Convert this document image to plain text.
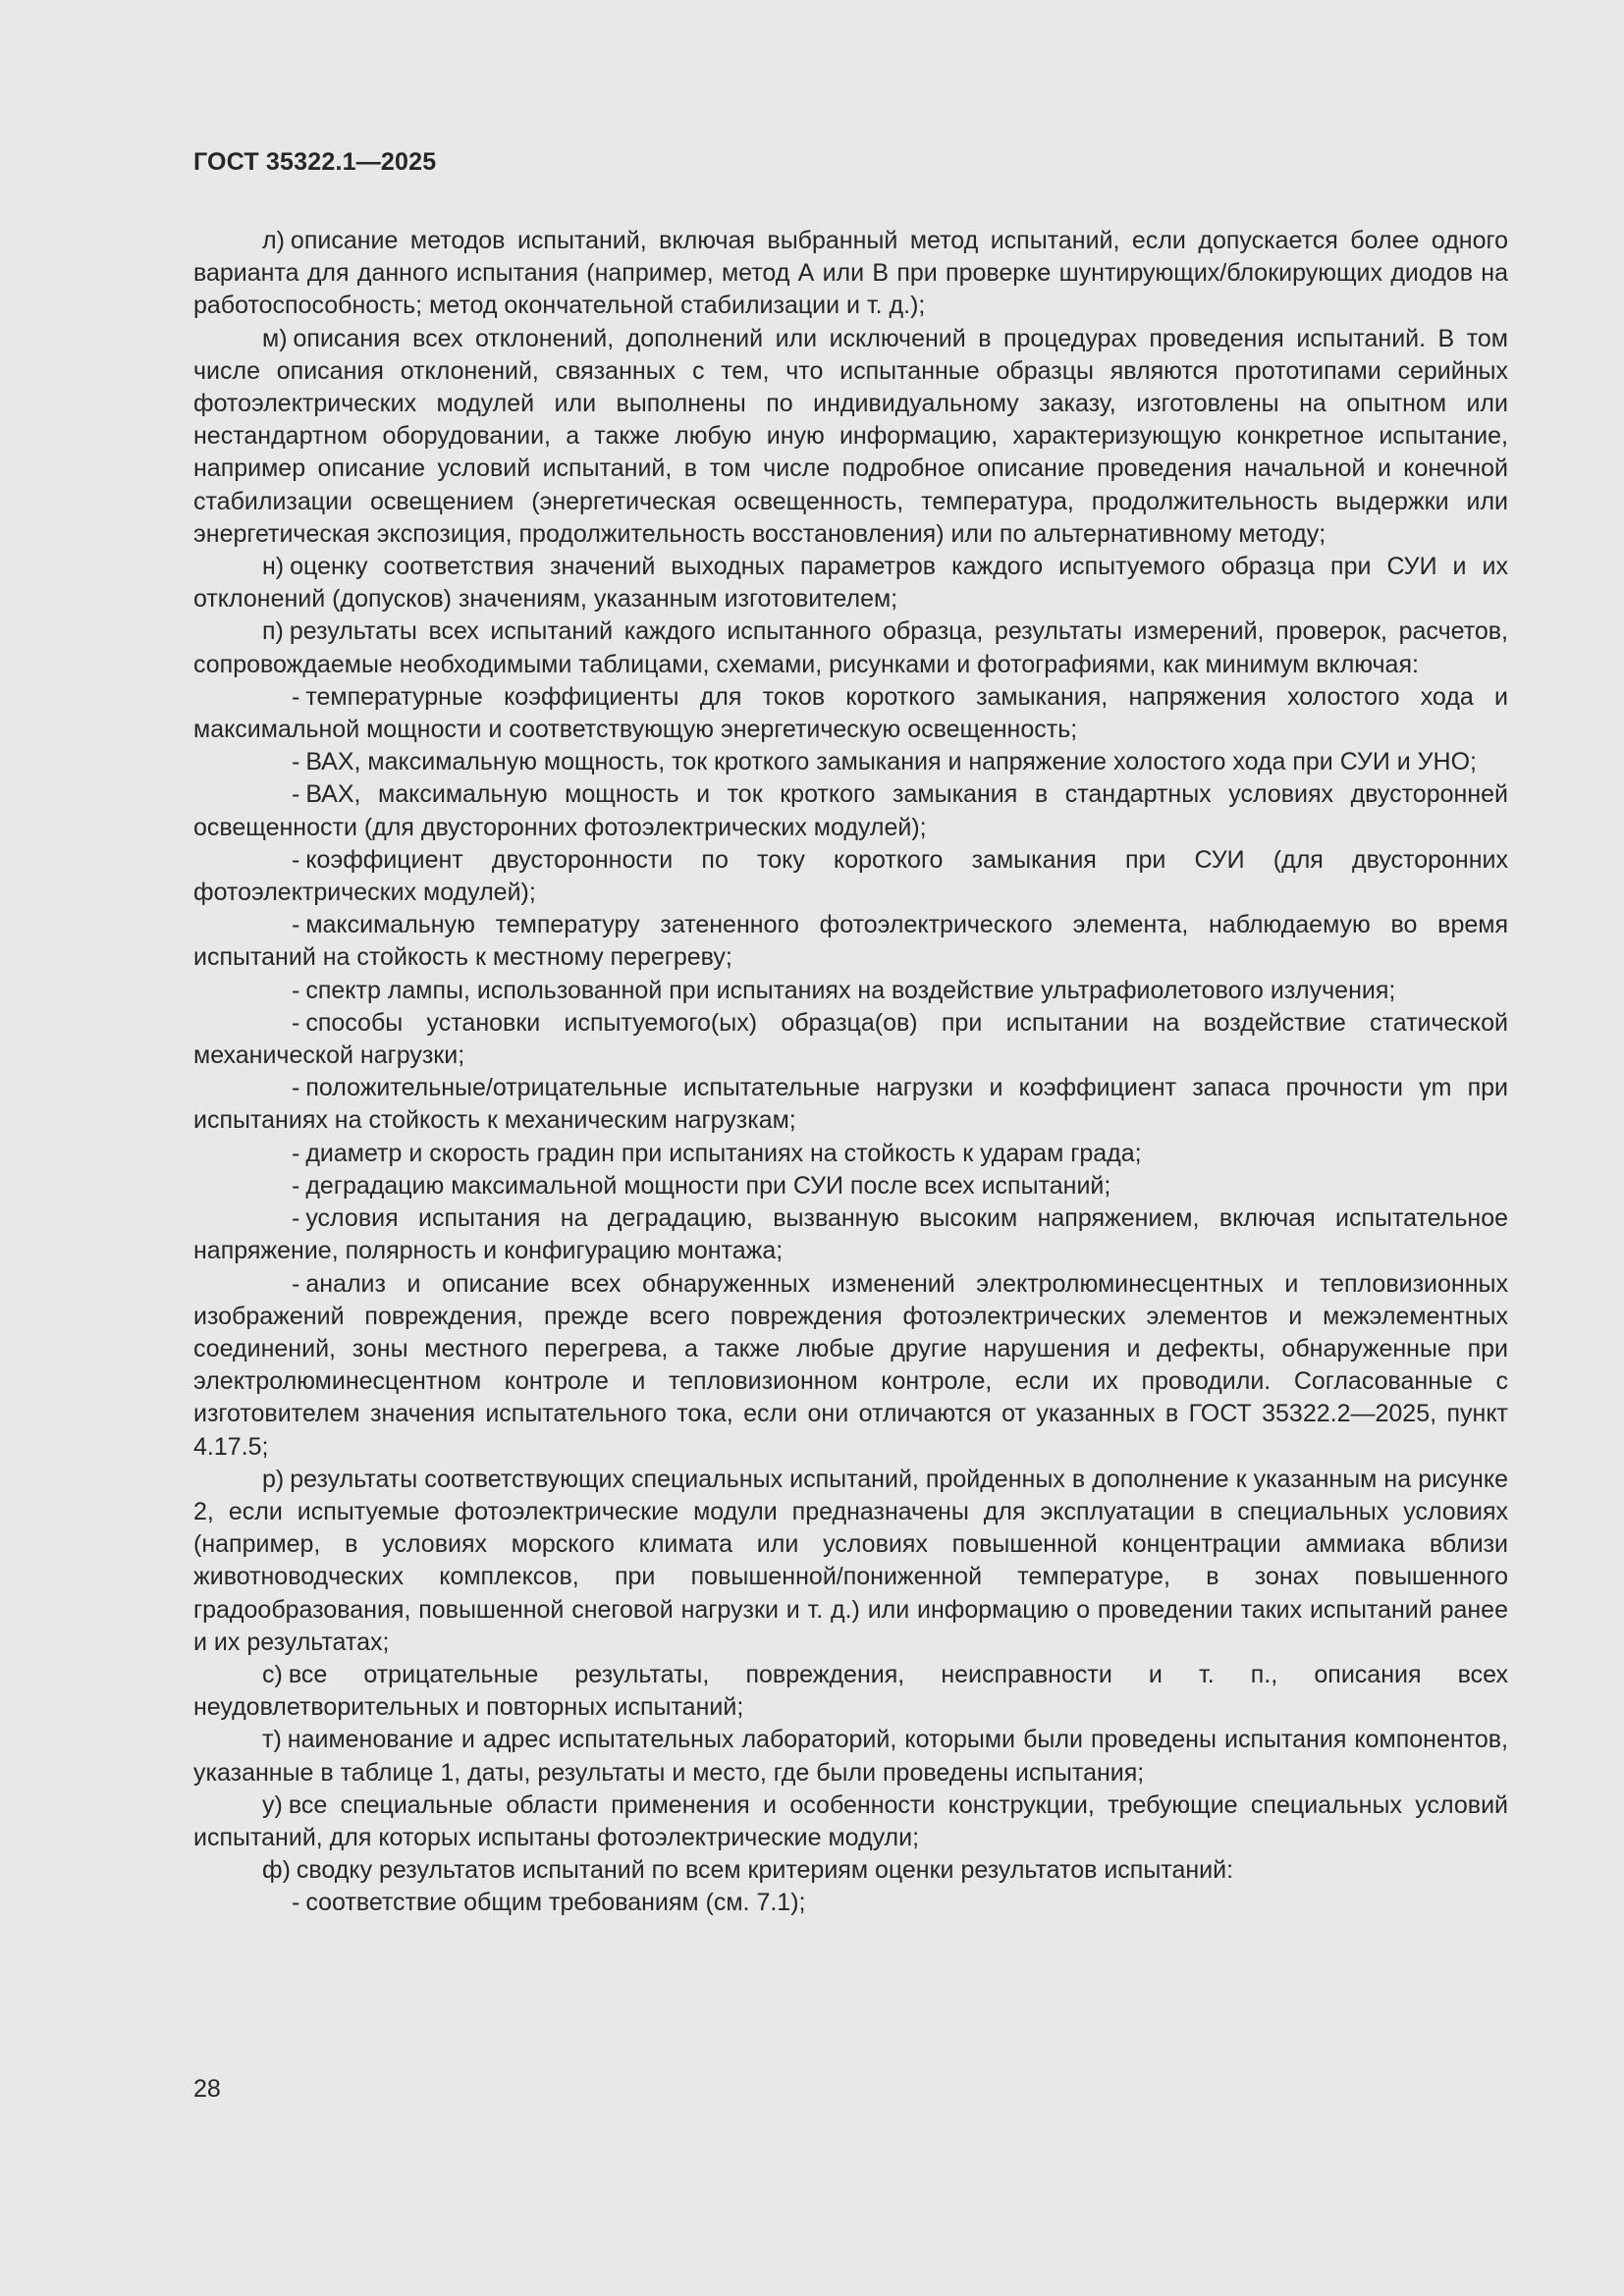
ГОСТ 35322.1—2025

л) описание методов испытаний, включая выбранный метод испытаний, если допускается более одного варианта для данного испытания (например, метод А или В при проверке шунтирующих/блокирующих диодов на работоспособность; метод окончательной стабилизации и т. д.);

м) описания всех отклонений, дополнений или исключений в процедурах проведения испытаний. В том числе описания отклонений, связанных с тем, что испытанные образцы являются прототипами серийных фотоэлектрических модулей или выполнены по индивидуальному заказу, изготовлены на опытном или нестандартном оборудовании, а также любую иную информацию, характеризующую конкретное испытание, например описание условий испытаний, в том числе подробное описание проведения начальной и конечной стабилизации освещением (энергетическая освещенность, температура, продолжительность выдержки или энергетическая экспозиция, продолжительность восстановления) или по альтернативному методу;

н) оценку соответствия значений выходных параметров каждого испытуемого образца при СУИ и их отклонений (допусков) значениям, указанным изготовителем;

п) результаты всех испытаний каждого испытанного образца, результаты измерений, проверок, расчетов, сопровождаемые необходимыми таблицами, схемами, рисунками и фотографиями, как минимум включая:

- температурные коэффициенты для токов короткого замыкания, напряжения холостого хода и максимальной мощности и соответствующую энергетическую освещенность;

- ВАХ, максимальную мощность, ток кроткого замыкания и напряжение холостого хода при СУИ и УНО;

- ВАХ, максимальную мощность и ток кроткого замыкания в стандартных условиях двусторонней освещенности (для двусторонних фотоэлектрических модулей);

- коэффициент двусторонности по току короткого замыкания при СУИ (для двусторонних фотоэлектрических модулей);

- максимальную температуру затененного фотоэлектрического элемента, наблюдаемую во время испытаний на стойкость к местному перегреву;

- спектр лампы, использованной при испытаниях на воздействие ультрафиолетового излучения;

- способы установки испытуемого(ых) образца(ов) при испытании на воздействие статической механической нагрузки;

- положительные/отрицательные испытательные нагрузки и коэффициент запаса прочности γm при испытаниях на стойкость к механическим нагрузкам;

- диаметр и скорость градин при испытаниях на стойкость к ударам града;

- деградацию максимальной мощности при СУИ после всех испытаний;

- условия испытания на деградацию, вызванную высоким напряжением, включая испытательное напряжение, полярность и конфигурацию монтажа;

- анализ и описание всех обнаруженных изменений электролюминесцентных и тепловизионных изображений повреждения, прежде всего повреждения фотоэлектрических элементов и межэлементных соединений, зоны местного перегрева, а также любые другие нарушения и дефекты, обнаруженные при электролюминесцентном контроле и тепловизионном контроле, если их проводили. Согласованные с изготовителем значения испытательного тока, если они отличаются от указанных в ГОСТ 35322.2—2025, пункт 4.17.5;

р) результаты соответствующих специальных испытаний, пройденных в дополнение к указанным на рисунке 2, если испытуемые фотоэлектрические модули предназначены для эксплуатации в специальных условиях (например, в условиях морского климата или условиях повышенной концентрации аммиака вблизи животноводческих комплексов, при повышенной/пониженной температуре, в зонах повышенного градообразования, повышенной снеговой нагрузки и т. д.) или информацию о проведении таких испытаний ранее и их результатах;

с) все отрицательные результаты, повреждения, неисправности и т. п., описания всех неудовлетворительных и повторных испытаний;

т) наименование и адрес испытательных лабораторий, которыми были проведены испытания компонентов, указанные в таблице 1, даты, результаты и место, где были проведены испытания;

у) все специальные области применения и особенности конструкции, требующие специальных условий испытаний, для которых испытаны фотоэлектрические модули;

ф) сводку результатов испытаний по всем критериям оценки результатов испытаний:

- соответствие общим требованиям (см. 7.1);

28
